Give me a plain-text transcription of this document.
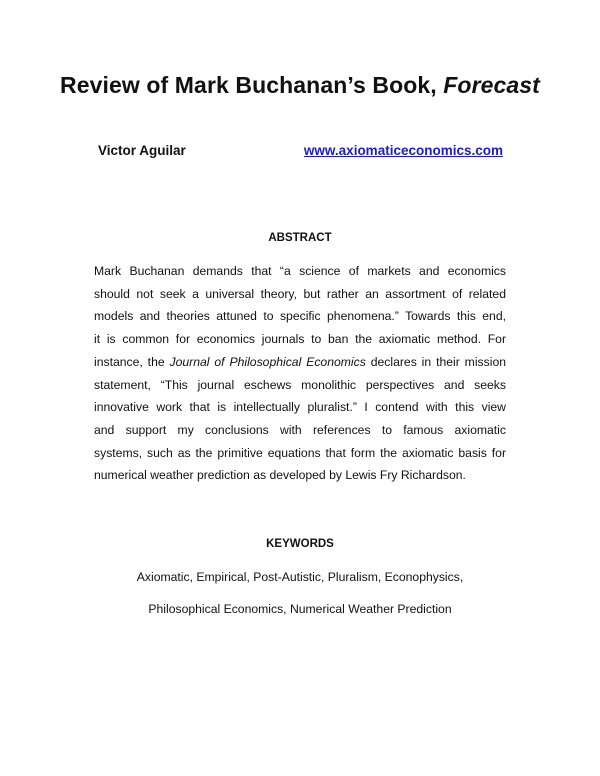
Review of Mark Buchanan’s Book, Forecast
Victor Aguilar	www.axiomaticeconomics.com
ABSTRACT
Mark Buchanan demands that “a science of markets and economics
should not seek a universal theory, but rather an assortment of related
models and theories attuned to specific phenomena.” Towards this end,
it is common for economics journals to ban the axiomatic method. For
instance, the Journal of Philosophical Economics declares in their mission
statement, “This journal eschews monolithic perspectives and seeks
innovative work that is intellectually pluralist.” I contend with this view
and support my conclusions with references to famous axiomatic
systems, such as the primitive equations that form the axiomatic basis for
numerical weather prediction as developed by Lewis Fry Richardson.
KEYWORDS
Axiomatic, Empirical, Post-Autistic, Pluralism, Econophysics,
Philosophical Economics, Numerical Weather Prediction
